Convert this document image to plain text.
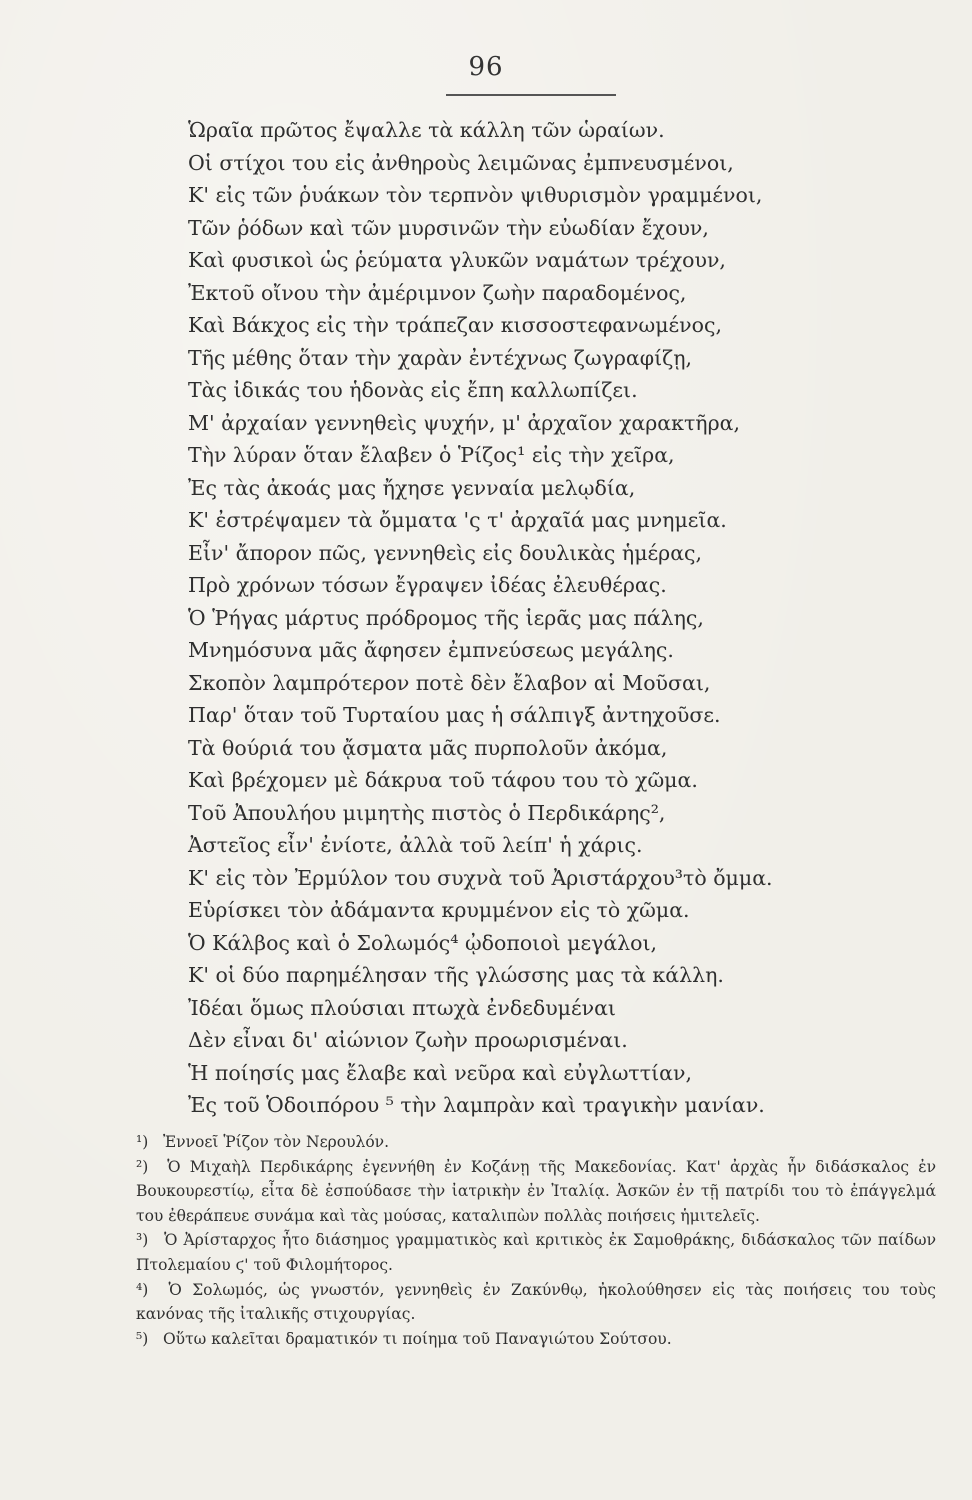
96
Ὡραῖα πρῶτος ἔψαλλε τὰ κάλλη τῶν ὡραίων.
Οἱ στίχοι του εἰς ἀνθηροὺς λειμῶνας ἐμπνευσμένοι,
Κ' εἰς τῶν ῥυάκων τὸν τερπνὸν ψιθυρισμὸν γραμμένοι,
Τῶν ῥόδων καὶ τῶν μυρσινῶν τὴν εὐωδίαν ἔχουν,
Καὶ φυσικοὶ ὡς ῥεύματα γλυκῶν ναμάτων τρέχουν,
Ἐκτοῦ οἴνου τὴν ἀμέριμνον ζωὴν παραδομένος,
Καὶ Βάκχος εἰς τὴν τράπεζαν κισσοστεφανωμένος,
Τῆς μέθης ὅταν τὴν χαρὰν ἐντέχνως ζωγραφίζῃ,
Τὰς ἰδικάς του ἡδονὰς εἰς ἔπη καλλωπίζει.
Μ' ἀρχαίαν γεννηθεὶς ψυχήν, μ' ἀρχαῖον χαρακτῆρα,
Τὴν λύραν ὅταν ἔλαβεν ὁ Ῥίζος¹ εἰς τὴν χεῖρα,
Ἐς τὰς ἀκοάς μας ἤχησε γενναία μελῳδία,
Κ' ἐστρέψαμεν τὰ ὄμματα 'ς τ' ἀρχαῖά μας μνημεῖα.
Εἶν' ἄπορον πῶς, γεννηθεὶς εἰς δουλικὰς ἡμέρας,
Πρὸ χρόνων τόσων ἔγραψεν ἰδέας ἐλευθέρας.
Ὁ Ῥήγας μάρτυς πρόδρομος τῆς ἱερᾶς μας πάλης,
Μνημόσυνα μᾶς ἄφησεν ἐμπνεύσεως μεγάλης.
Σκοπὸν λαμπρότερον ποτὲ δὲν ἔλαβον αἱ Μοῦσαι,
Παρ' ὅταν τοῦ Τυρταίου μας ἡ σάλπιγξ ἀντηχοῦσε.
Τὰ θούριά του ᾄσματα μᾶς πυρπολοῦν ἀκόμα,
Καὶ βρέχομεν μὲ δάκρυα τοῦ τάφου του τὸ χῶμα.
Τοῦ Ἀπουλήου μιμητὴς πιστὸς ὁ Περδικάρης²,
Ἀστεῖος εἶν' ἐνίοτε, ἀλλὰ τοῦ λείπ' ἡ χάρις.
Κ' εἰς τὸν Ἐρμύλον του συχνὰ τοῦ Ἀριστάρχου³τὸ ὄμμα.
Εὑρίσκει τὸν ἀδάμαντα κρυμμένον εἰς τὸ χῶμα.
Ὁ Κάλβος καὶ ὁ Σολωμός⁴ ᾠδοποιοὶ μεγάλοι,
Κ' οἱ δύο παρημέλησαν τῆς γλώσσης μας τὰ κάλλη.
Ἰδέαι ὅμως πλούσιαι πτωχὰ ἐνδεδυμέναι
Δὲν εἶναι δι' αἰώνιον ζωὴν προωρισμέναι.
Ἡ ποίησίς μας ἔλαβε καὶ νεῦρα καὶ εὐγλωττίαν,
Ἐς τοῦ Ὁδοιπόρου ⁵ τὴν λαμπρὰν καὶ τραγικὴν μανίαν.
¹) Ἐννοεῖ Ῥίζον τὸν Νερουλόν.
²) Ὁ Μιχαὴλ Περδικάρης ἐγεννήθη ἐν Κοζάνῃ τῆς Μακεδονίας. Κατ' ἀρχὰς ἦν διδάσκαλος ἐν Βουκουρεστίῳ, εἶτα δὲ ἐσπούδασε τὴν ἰατρικὴν ἐν Ἰταλίᾳ. Ἀσκῶν ἐν τῇ πατρίδι του τὸ ἐπάγγελμά του ἐθεράπευε συνάμα καὶ τὰς μούσας, καταλιπὼν πολλὰς ποιήσεις ἡμιτελεῖς.
³) Ὁ Ἀρίσταρχος ἦτο διάσημος γραμματικὸς καὶ κριτικὸς ἐκ Σαμοθράκης, διδάσκαλος τῶν παίδων Πτολεμαίου ϛ' τοῦ Φιλομήτορος.
⁴) Ὁ Σολωμός, ὡς γνωστόν, γεννηθεὶς ἐν Ζακύνθῳ, ἠκολούθησεν εἰς τὰς ποιήσεις του τοὺς κανόνας τῆς ἰταλικῆς στιχουργίας.
⁵) Οὕτω καλεῖται δραματικόν τι ποίημα τοῦ Παναγιώτου Σούτσου.
